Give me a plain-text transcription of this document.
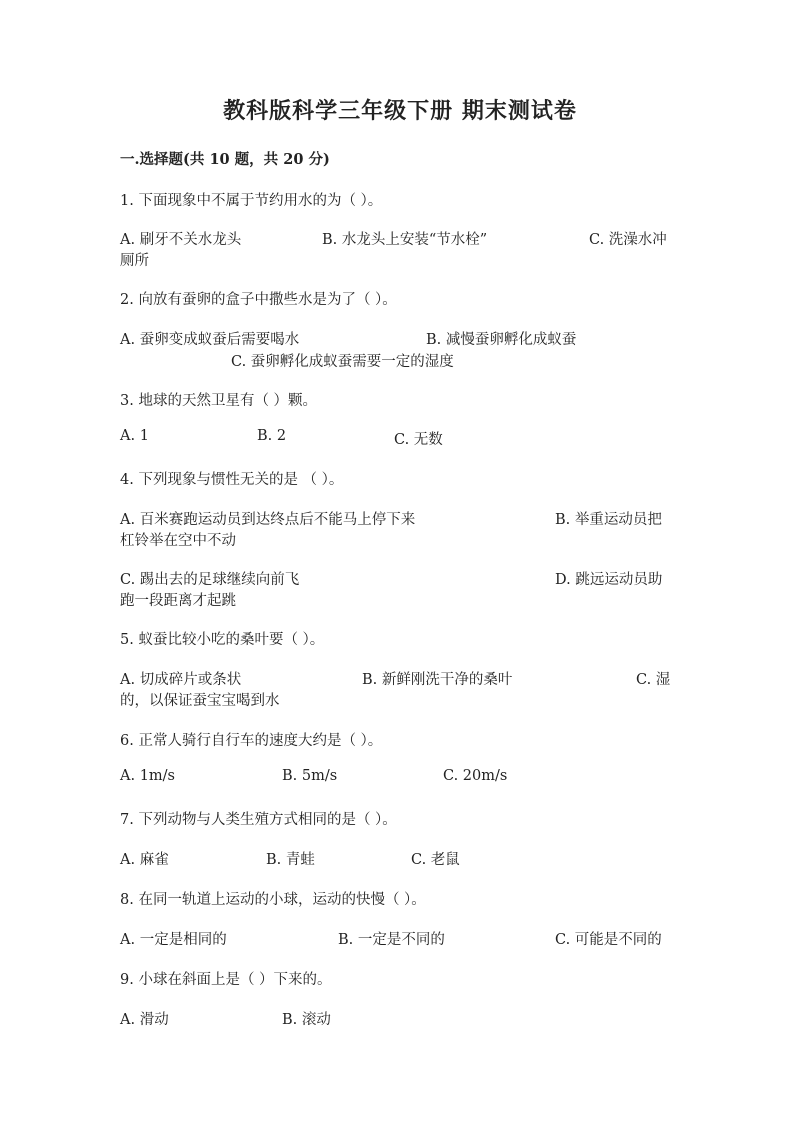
教科版科学三年级下册 期末测试卷
一.选择题(共 10 题，共 20 分)
1. 下面现象中不属于节约用水的为（ ）。
A. 刷牙不关水龙头	B. 水龙头上安装“节水栓”	C. 洗澡水冲
厕所
2. 向放有蚕卵的盒子中撒些水是为了（ ）。
A. 蚕卵变成蚁蚕后需要喝水	B. 减慢蚕卵孵化成蚁蚕
C. 蚕卵孵化成蚁蚕需要一定的湿度
3. 地球的天然卫星有（ ）颗。
A. 1	B. 2	C. 无数
4. 下列现象与惯性无关的是 （ ）。
A. 百米赛跑运动员到达终点后不能马上停下来	B. 举重运动员把
杠铃举在空中不动
C. 踢出去的足球继续向前飞	D. 跳远运动员助
跑一段距离才起跳
5. 蚁蚕比较小吃的桑叶要（ ）。
A. 切成碎片或条状	B. 新鲜刚洗干净的桑叶	C. 湿
的，以保证蚕宝宝喝到水
6. 正常人骑行自行车的速度大约是（ ）。
A. 1m/s	B. 5m/s	C. 20m/s
7. 下列动物与人类生殖方式相同的是（ ）。
A. 麻雀	B. 青蛙	C. 老鼠
8. 在同一轨道上运动的小球，运动的快慢（ ）。
A. 一定是相同的	B. 一定是不同的	C. 可能是不同的
9. 小球在斜面上是（ ）下来的。
A. 滑动	B. 滚动
